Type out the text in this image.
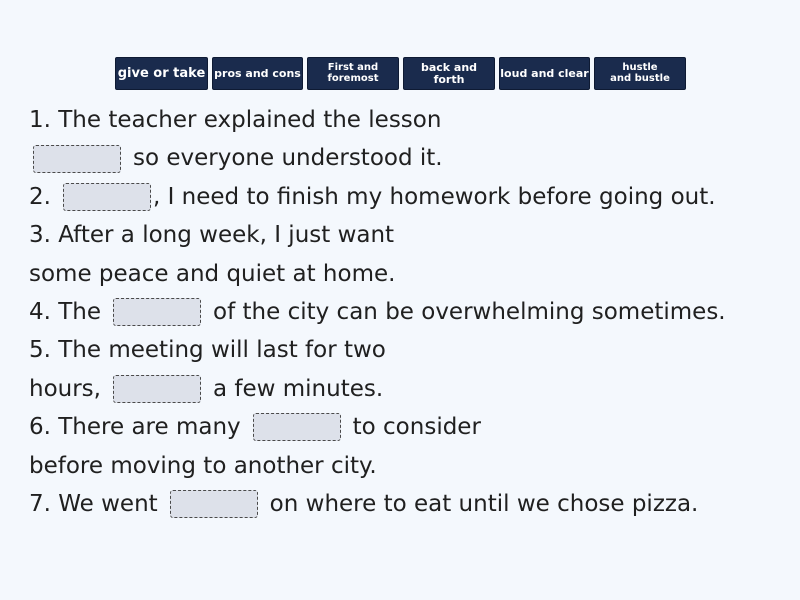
give or take pros and cons	First and
foremost
back and forth	loud and clear	hustle
and bustle
1. The teacher explained the lesson
so everyone understood it.
2.	, I need to finish my homework before going out.
3. After a long week, I just want
some peace and quiet at home.
4. The	of the city can be overwhelming sometimes.
5. The meeting will last for two
hours,	a few minutes.
6. There are many	to consider
before moving to another city.
7. We went	on where to eat until we chose pizza.
